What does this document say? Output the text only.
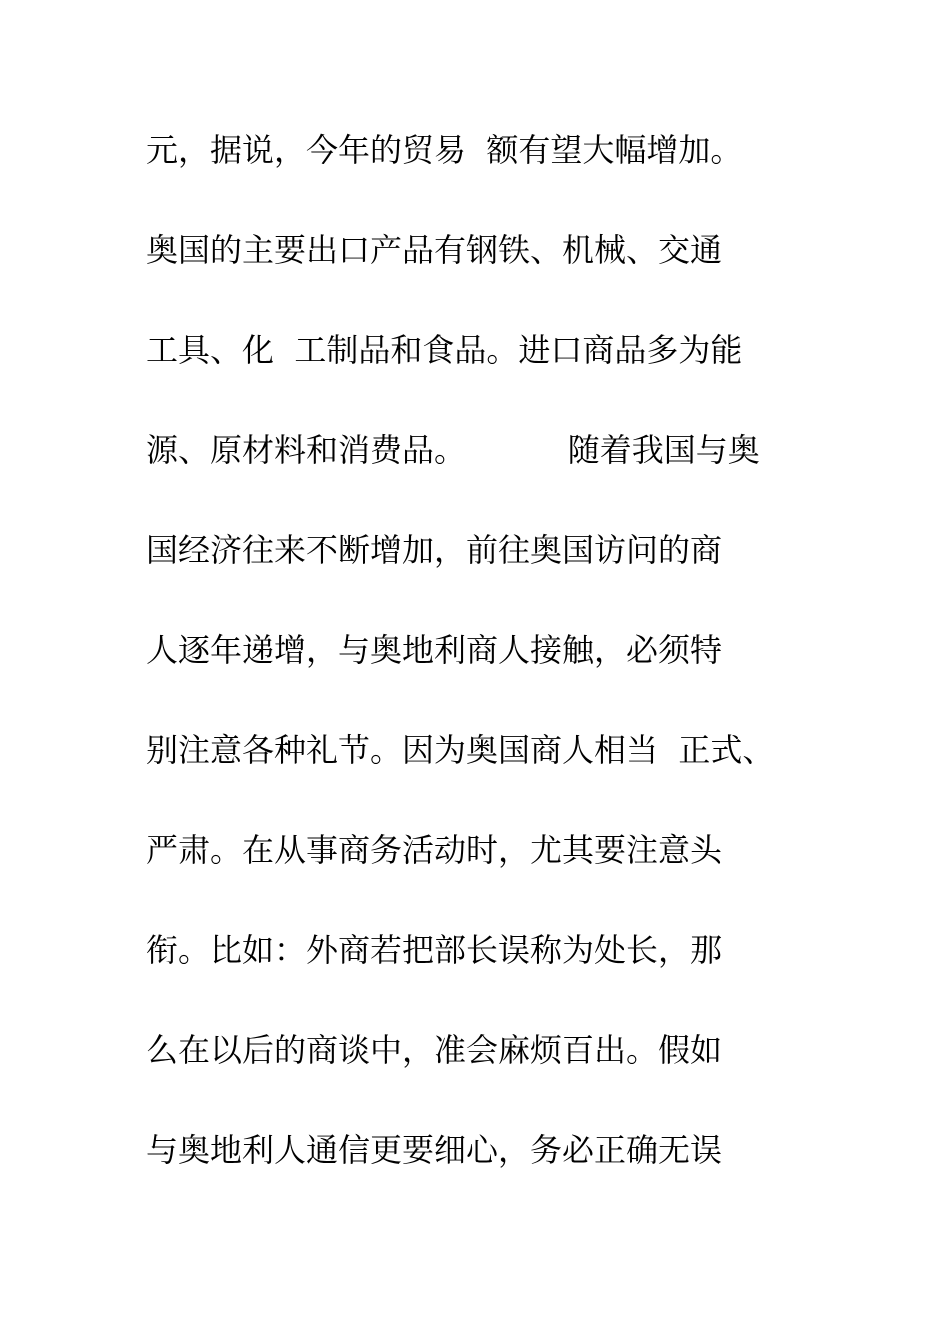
元，据说，今年的贸易  额有望大幅增加。
奥国的主要出口产品有钢铁、机械、交通
工具、化  工制品和食品。进口商品多为能
源、原材料和消费品。          随着我国与奥
国经济往来不断增加，前往奥国访问的商
人逐年递增，与奥地利商人接触，必须特
别注意各种礼节。因为奥国商人相当  正式、
严肃。在从事商务活动时，尤其要注意头
衔。比如：外商若把部长误称为处长，那
么在以后的商谈中，准会麻烦百出。假如
与奥地利人通信更要细心，务必正确无误
